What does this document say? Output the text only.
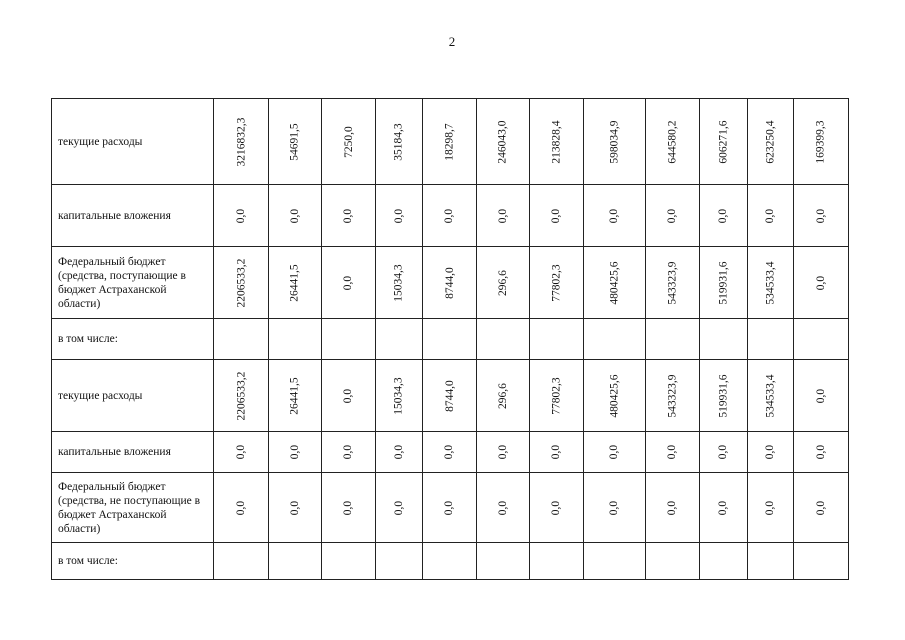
2
текущие расходы	3216832,3	54691,5	7250,0	35184,3	18298,7	246043,0	213828,4	598034,9	644580,2	606271,6	623250,4	169399,3
капитальные вложения	0,0	0,0	0,0	0,0	0,0	0,0	0,0	0,0	0,0	0,0	0,0	0,0
Федеральный бюджет (средства, поступающие в бюджет Астраханской области)	2206533,2	26441,5	0,0	15034,3	8744,0	296,6	77802,3	480425,6	543323,9	519931,6	534533,4	0,0
в том числе:												
текущие расходы	2206533,2	26441,5	0,0	15034,3	8744,0	296,6	77802,3	480425,6	543323,9	519931,6	534533,4	0,0
капитальные вложения	0,0	0,0	0,0	0,0	0,0	0,0	0,0	0,0	0,0	0,0	0,0	0,0
Федеральный бюджет (средства, не поступающие в бюджет Астраханской области)	0,0	0,0	0,0	0,0	0,0	0,0	0,0	0,0	0,0	0,0	0,0	0,0
в том числе:												
